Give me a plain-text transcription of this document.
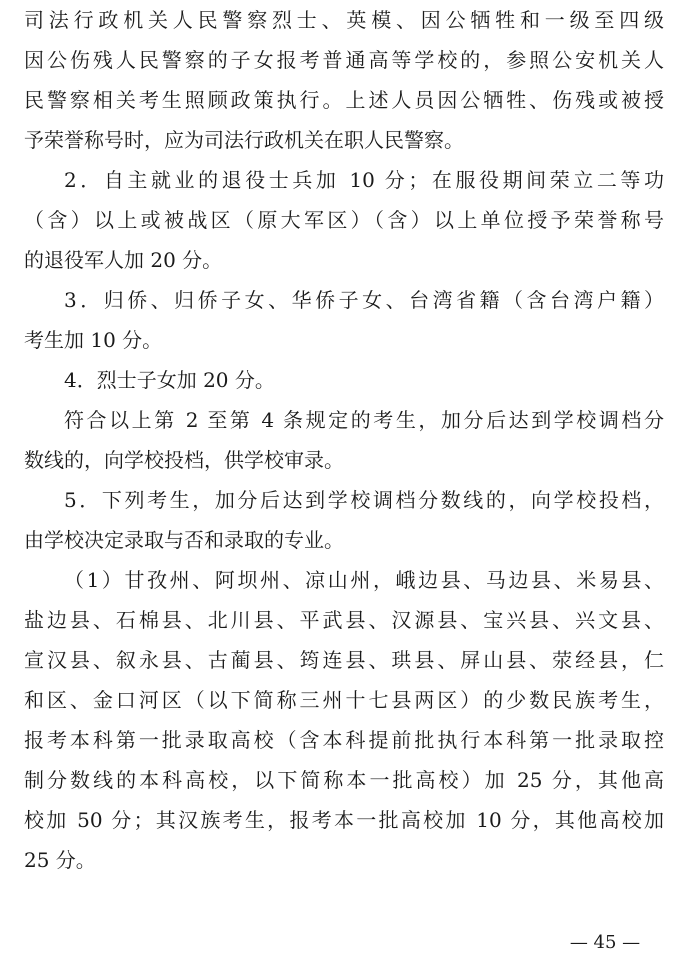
司法行政机关人民警察烈士、英模、因公牺牲和一级至四级
因公伤残人民警察的子女报考普通高等学校的，参照公安机关人
民警察相关考生照顾政策执行。上述人员因公牺牲、伤残或被授
予荣誉称号时，应为司法行政机关在职人民警察。
2．自主就业的退役士兵加 10 分；在服役期间荣立二等功
（含）以上或被战区（原大军区）（含）以上单位授予荣誉称号
的退役军人加 20 分。
3．归侨、归侨子女、华侨子女、台湾省籍（含台湾户籍）
考生加 10 分。
4．烈士子女加 20 分。
符合以上第 2 至第 4 条规定的考生，加分后达到学校调档分
数线的，向学校投档，供学校审录。
5．下列考生，加分后达到学校调档分数线的，向学校投档，
由学校决定录取与否和录取的专业。
（1）甘孜州、阿坝州、凉山州，峨边县、马边县、米易县、
盐边县、石棉县、北川县、平武县、汉源县、宝兴县、兴文县、
宣汉县、叙永县、古蔺县、筠连县、珙县、屏山县、荥经县，仁
和区、金口河区（以下简称三州十七县两区）的少数民族考生，
报考本科第一批录取高校（含本科提前批执行本科第一批录取控
制分数线的本科高校，以下简称本一批高校）加 25 分，其他高
校加 50 分；其汉族考生，报考本一批高校加 10 分，其他高校加
25 分。
— 45 —
